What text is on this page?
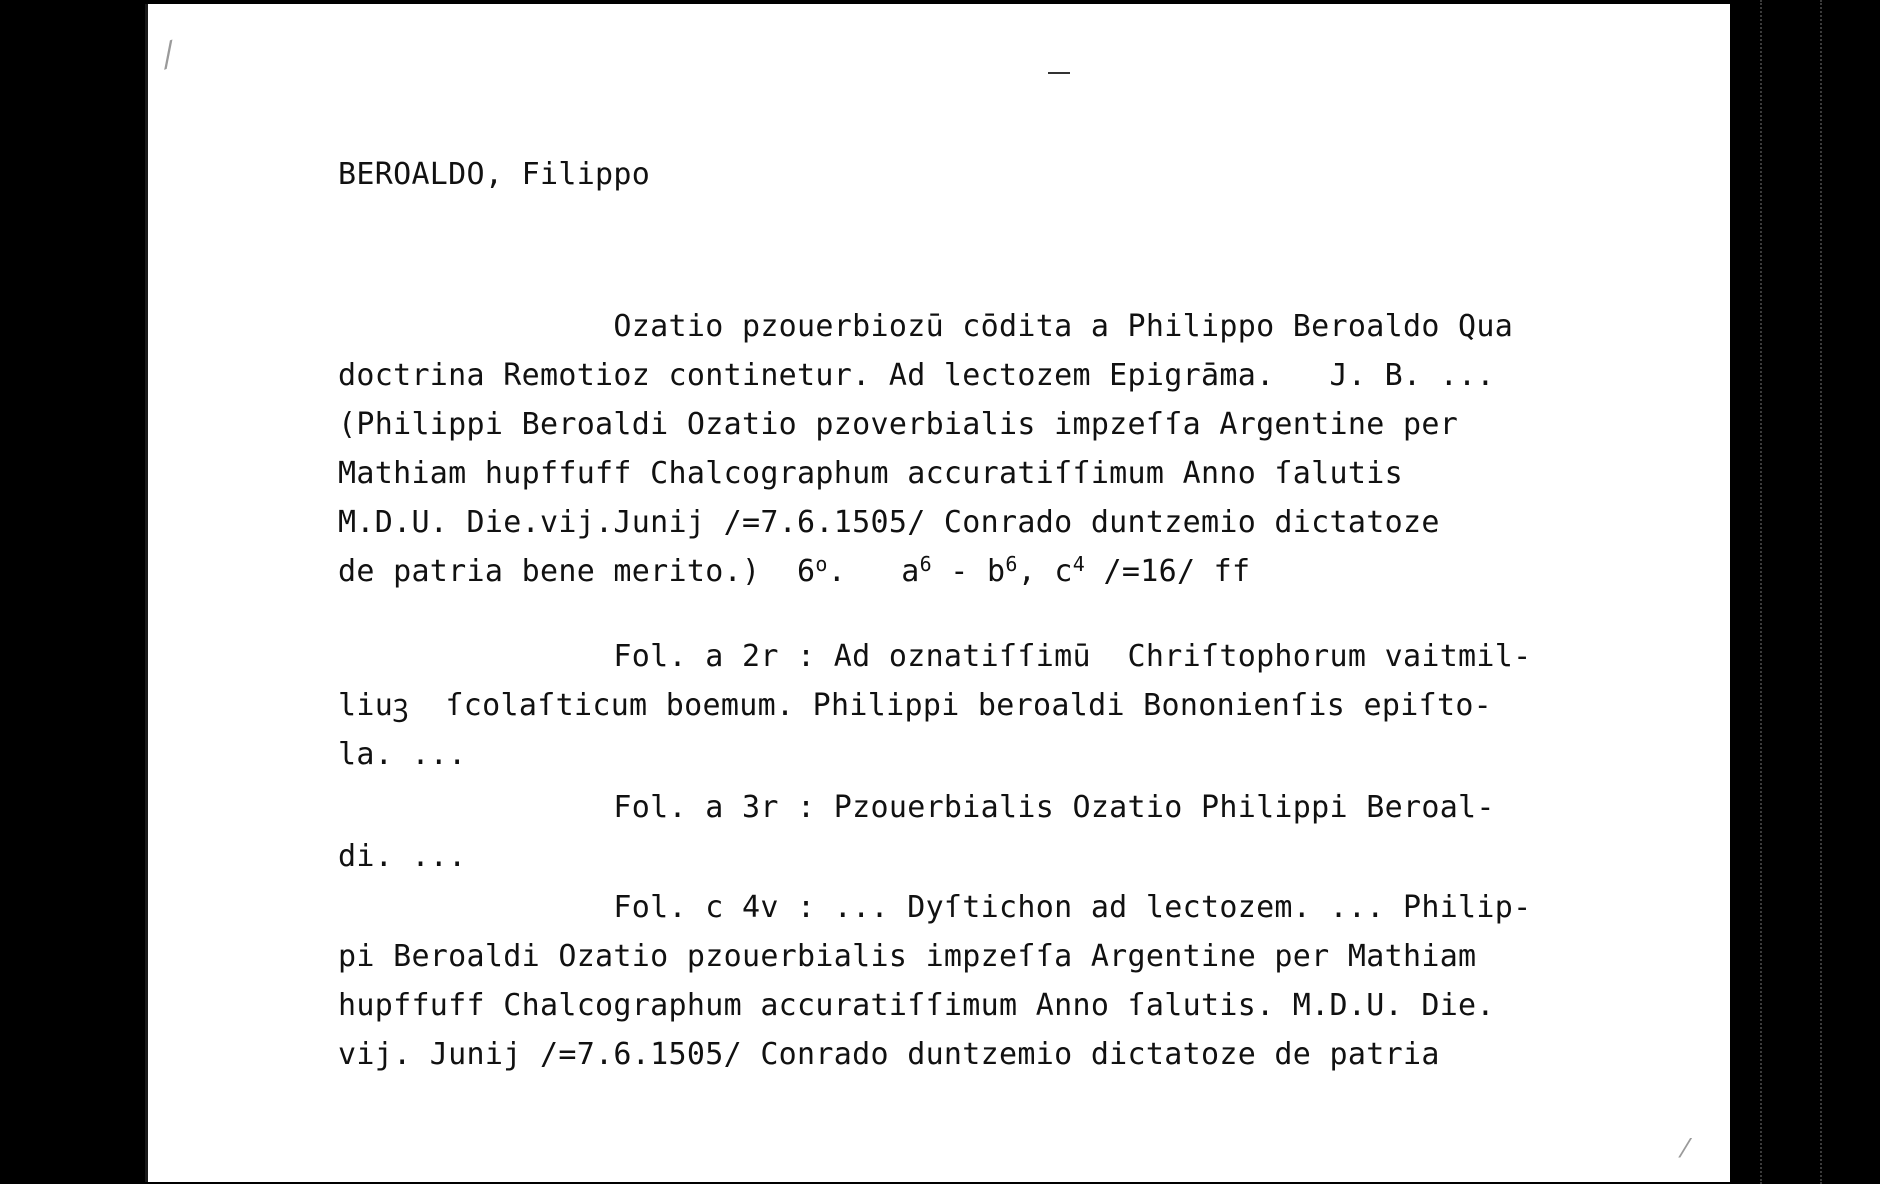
⁄
⁄
BEROALDO, Filippo
Ozatio pzouerbiozū cōdita a Philippo Beroaldo Qua
doctrina Remotioz continetur. Ad lectozem Epigrāma.   J. B. ...
(Philippi Beroaldi Ozatio pzoverbialis impzeſſa Argentine per
Mathiam hupffuff Chalcographum accuratiſſimum Anno ſalutis
M.D.U. Die.vij.Junij /=7.6.1505/ Conrado duntzemio dictatoze
de patria bene merito.)  6$^o$.   $a^6 - b^6$, $c^4$ /=16/ ff
Fol. a 2r : Ad oznatiſſimū  Chriſtophorum vaitmil-
liuꝫ  ſcolaſticum boemum. Philippi beroaldi Bononienſis epiſto-
la. ...
Fol. a 3r : Pzouerbialis Ozatio Philippi Beroal-
di. ...
Fol. c 4v : ... Dyſtichon ad lectozem. ... Philip-
pi Beroaldi Ozatio pzouerbialis impzeſſa Argentine per Mathiam
hupffuff Chalcographum accuratiſſimum Anno ſalutis. M.D.U. Die.
vij. Junij /=7.6.1505/ Conrado duntzemio dictatoze de patria
